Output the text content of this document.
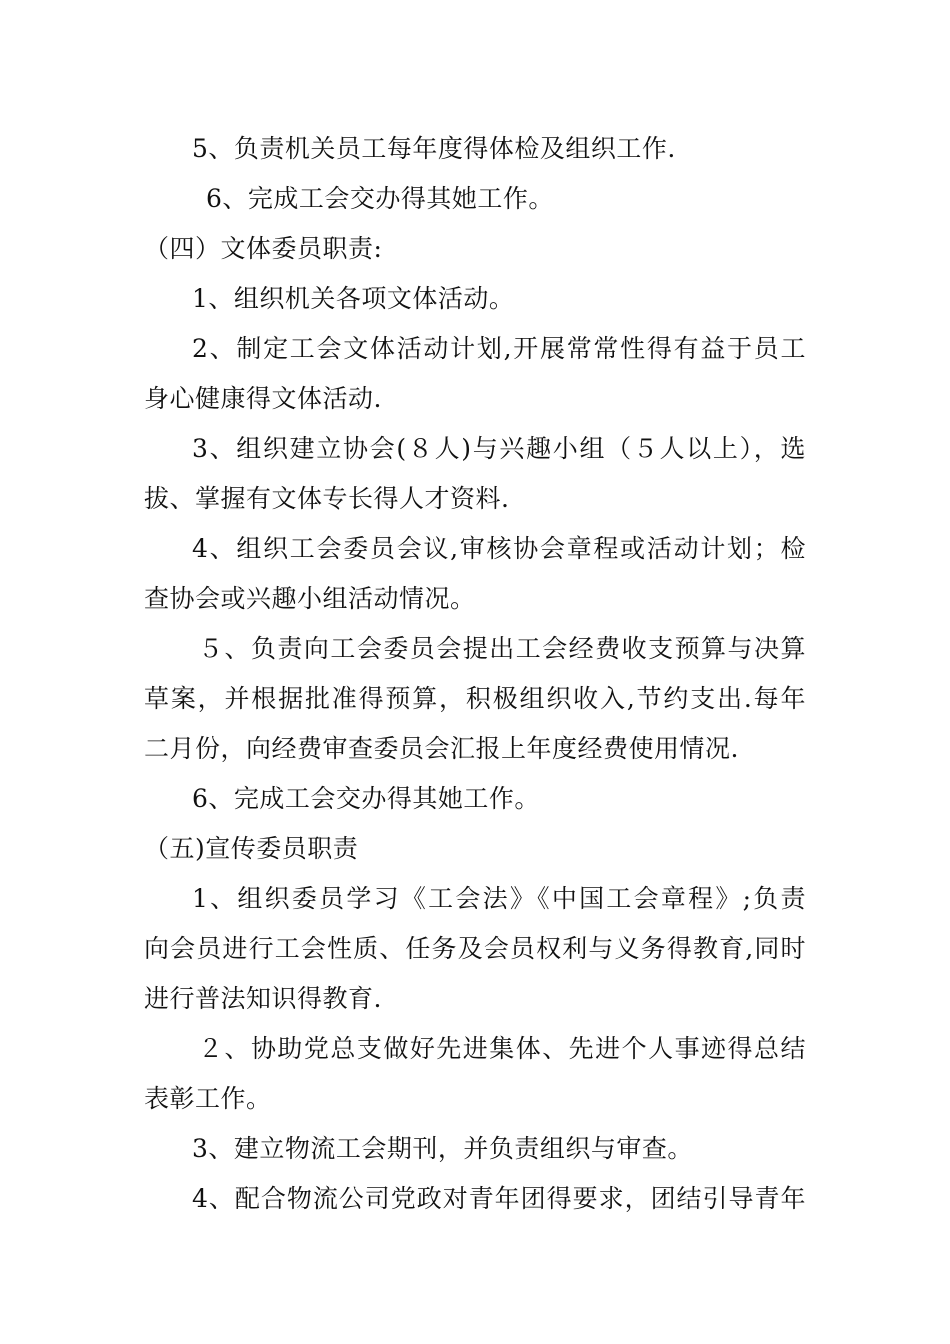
5、负责机关员工每年度得体检及组织工作.
6、完成工会交办得其她工作。
（四）文体委员职责:
1、组织机关各项文体活动。
2、制定工会文体活动计划,开展常常性得有益于员工
身心健康得文体活动.
3、组织建立协会(８人)与兴趣小组（５人以上），选
拔、掌握有文体专长得人才资料.
4、组织工会委员会议,审核协会章程或活动计划；检
查协会或兴趣小组活动情况。
５、负责向工会委员会提出工会经费收支预算与决算
草案，并根据批准得预算，积极组织收入,节约支出.每年
二月份，向经费审查委员会汇报上年度经费使用情况.
6、完成工会交办得其她工作。
（五)宣传委员职责
1、组织委员学习《工会法》《中国工会章程》;负责
向会员进行工会性质、任务及会员权利与义务得教育,同时
进行普法知识得教育.
２、协助党总支做好先进集体、先进个人事迹得总结
表彰工作。
3、建立物流工会期刊，并负责组织与审查。
4、配合物流公司党政对青年团得要求，团结引导青年
